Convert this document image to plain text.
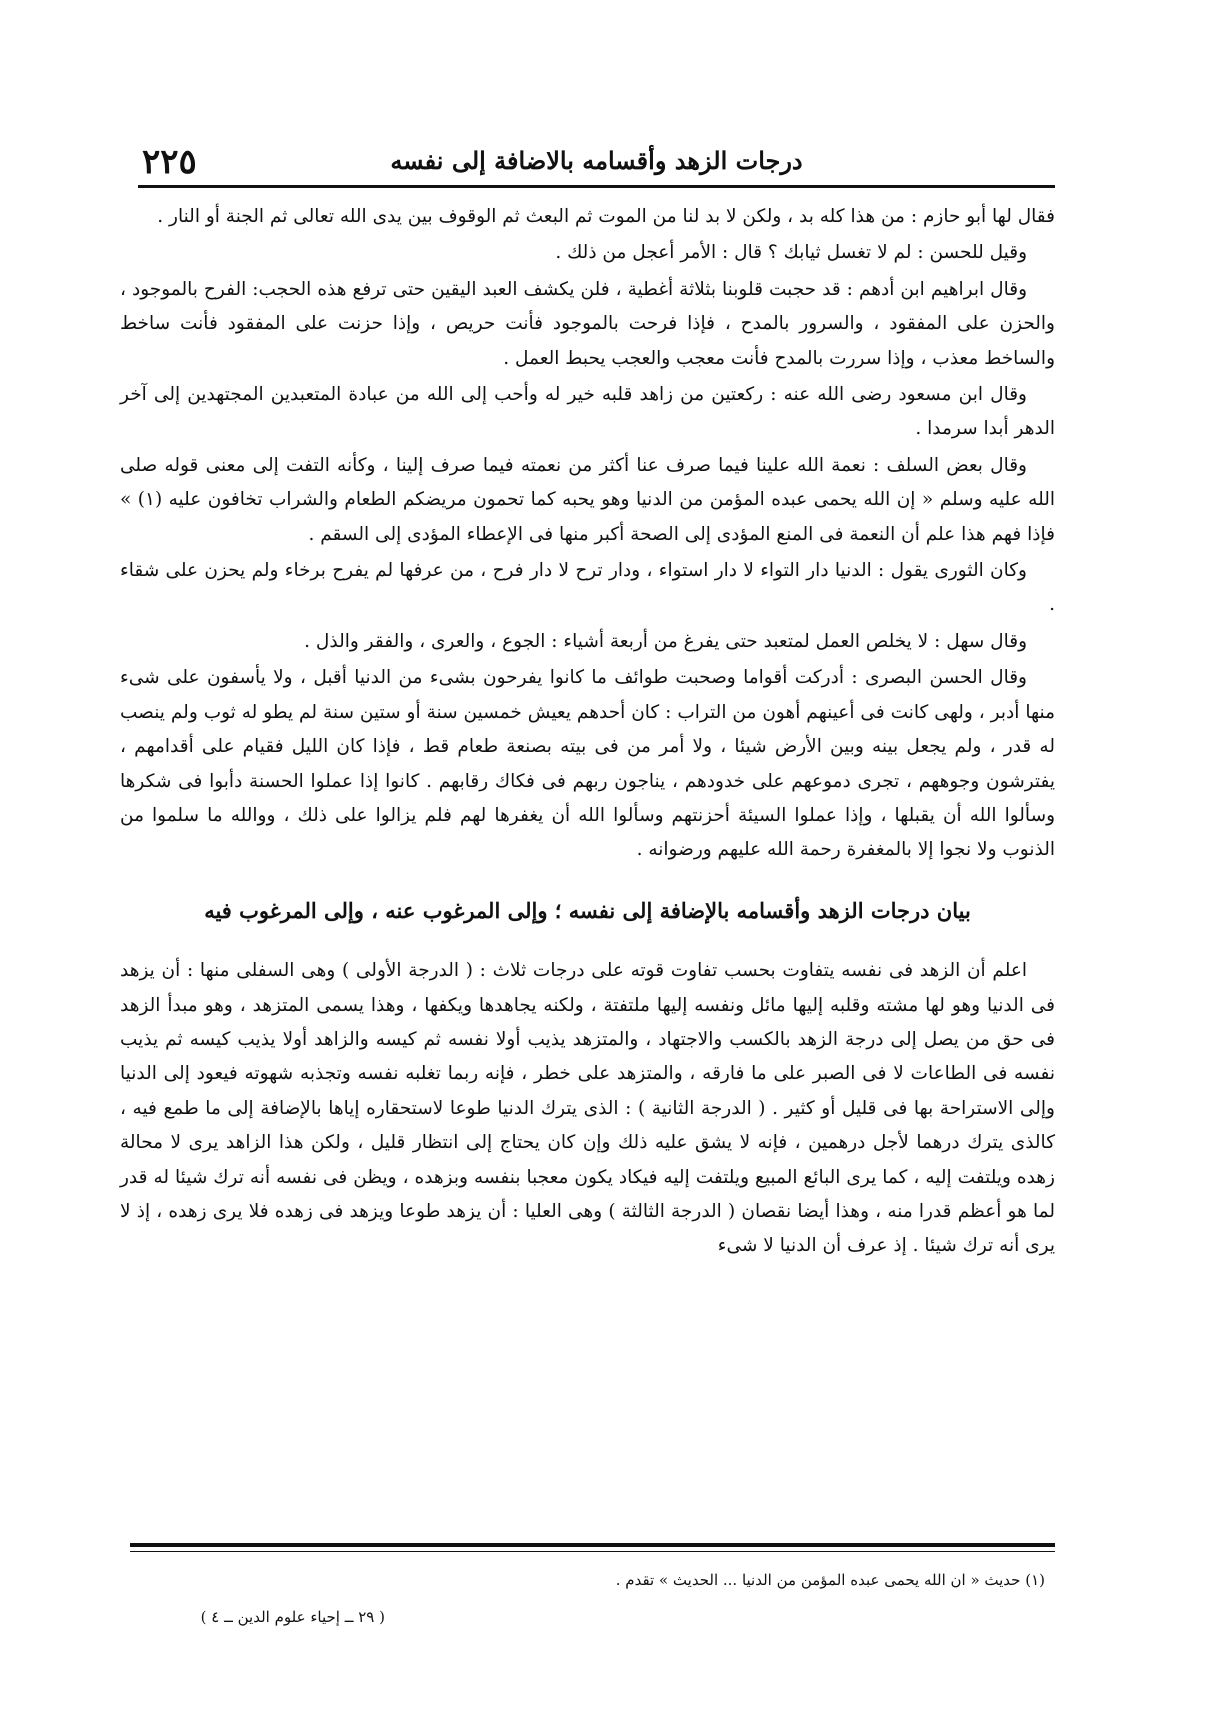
درجات الزهد وأقسامه بالاضافة إلى نفسه
٢٢٥

فقال لها أبو حازم : من هذا كله بد ، ولكن لا بد لنا من الموت ثم البعث ثم الوقوف بين يدى الله تعالى ثم الجنة أو النار .

وقيل للحسن : لم لا تغسل ثيابك ؟ قال : الأمر أعجل من ذلك .

وقال ابراهيم ابن أدهم : قد حجبت قلوبنا بثلاثة أغطية ، فلن يكشف العبد اليقين حتى ترفع هذه الحجب: الفرح بالموجود ، والحزن على المفقود ، والسرور بالمدح ، فإذا فرحت بالموجود فأنت حريص ، وإذا حزنت على المفقود فأنت ساخط والساخط معذب ، وإذا سررت بالمدح فأنت معجب والعجب يحبط العمل .

وقال ابن مسعود رضى الله عنه : ركعتين من زاهد قلبه خير له وأحب إلى الله من عبادة المتعبدين المجتهدين إلى آخر الدهر أبدا سرمدا .

وقال بعض السلف : نعمة الله علينا فيما صرف عنا أكثر من نعمته فيما صرف إلينا ، وكأنه التفت إلى معنى قوله صلى الله عليه وسلم « إن الله يحمى عبده المؤمن من الدنيا وهو يحبه كما تحمون مريضكم الطعام والشراب تخافون عليه (١) » فإذا فهم هذا علم أن النعمة فى المنع المؤدى إلى الصحة أكبر منها فى الإعطاء المؤدى إلى السقم .

وكان الثورى يقول : الدنيا دار التواء لا دار استواء ، ودار ترح لا دار فرح ، من عرفها لم يفرح برخاء ولم يحزن على شقاء .

وقال سهل : لا يخلص العمل لمتعبد حتى يفرغ من أربعة أشياء : الجوع ، والعرى ، والفقر والذل .

وقال الحسن البصرى : أدركت أقواما وصحبت طوائف ما كانوا يفرحون بشىء من الدنيا أقبل ، ولا يأسفون على شىء منها أدبر ، ولهى كانت فى أعينهم أهون من التراب : كان أحدهم يعيش خمسين سنة أو ستين سنة لم يطو له ثوب ولم ينصب له قدر ، ولم يجعل بينه وبين الأرض شيئا ، ولا أمر من فى بيته بصنعة طعام قط ، فإذا كان الليل فقيام على أقدامهم ، يفترشون وجوههم ، تجرى دموعهم على خدودهم ، يناجون ربهم فى فكاك رقابهم . كانوا إذا عملوا الحسنة دأبوا فى شكرها وسألوا الله أن يقبلها ، وإذا عملوا السيئة أحزنتهم وسألوا الله أن يغفرها لهم فلم يزالوا على ذلك ، ووالله ما سلموا من الذنوب ولا نجوا إلا بالمغفرة رحمة الله عليهم ورضوانه .

بيان درجات الزهد وأقسامه بالإضافة إلى نفسه ؛ وإلى المرغوب عنه ، وإلى المرغوب فيه

اعلم أن الزهد فى نفسه يتفاوت بحسب تفاوت قوته على درجات ثلاث : ( الدرجة الأولى ) وهى السفلى منها : أن يزهد فى الدنيا وهو لها مشته وقلبه إليها مائل ونفسه إليها ملتفتة ، ولكنه يجاهدها ويكفها ، وهذا يسمى المتزهد ، وهو مبدأ الزهد فى حق من يصل إلى درجة الزهد بالكسب والاجتهاد ، والمتزهد يذيب أولا نفسه ثم كيسه والزاهد أولا يذيب كيسه ثم يذيب نفسه فى الطاعات لا فى الصبر على ما فارقه ، والمتزهد على خطر ، فإنه ربما تغلبه نفسه وتجذبه شهوته فيعود إلى الدنيا وإلى الاستراحة بها فى قليل أو كثير . ( الدرجة الثانية ) : الذى يترك الدنيا طوعا لاستحقاره إياها بالإضافة إلى ما طمع فيه ، كالذى يترك درهما لأجل درهمين ، فإنه لا يشق عليه ذلك وإن كان يحتاج إلى انتظار قليل ، ولكن هذا الزاهد يرى لا محالة زهده ويلتفت إليه ، كما يرى البائع المبيع ويلتفت إليه فيكاد يكون معجبا بنفسه وبزهده ، ويظن فى نفسه أنه ترك شيئا له قدر لما هو أعظم قدرا منه ، وهذا أيضا نقصان ( الدرجة الثالثة ) وهى العليا : أن يزهد طوعا ويزهد فى زهده فلا يرى زهده ، إذ لا يرى أنه ترك شيئا . إذ عرف أن الدنيا لا شىء

(١) حديث « ان الله يحمى عبده المؤمن من الدنيا ... الحديث » تقدم .
( ٢٩ ــ إحياء علوم الدين ــ ٤ )
